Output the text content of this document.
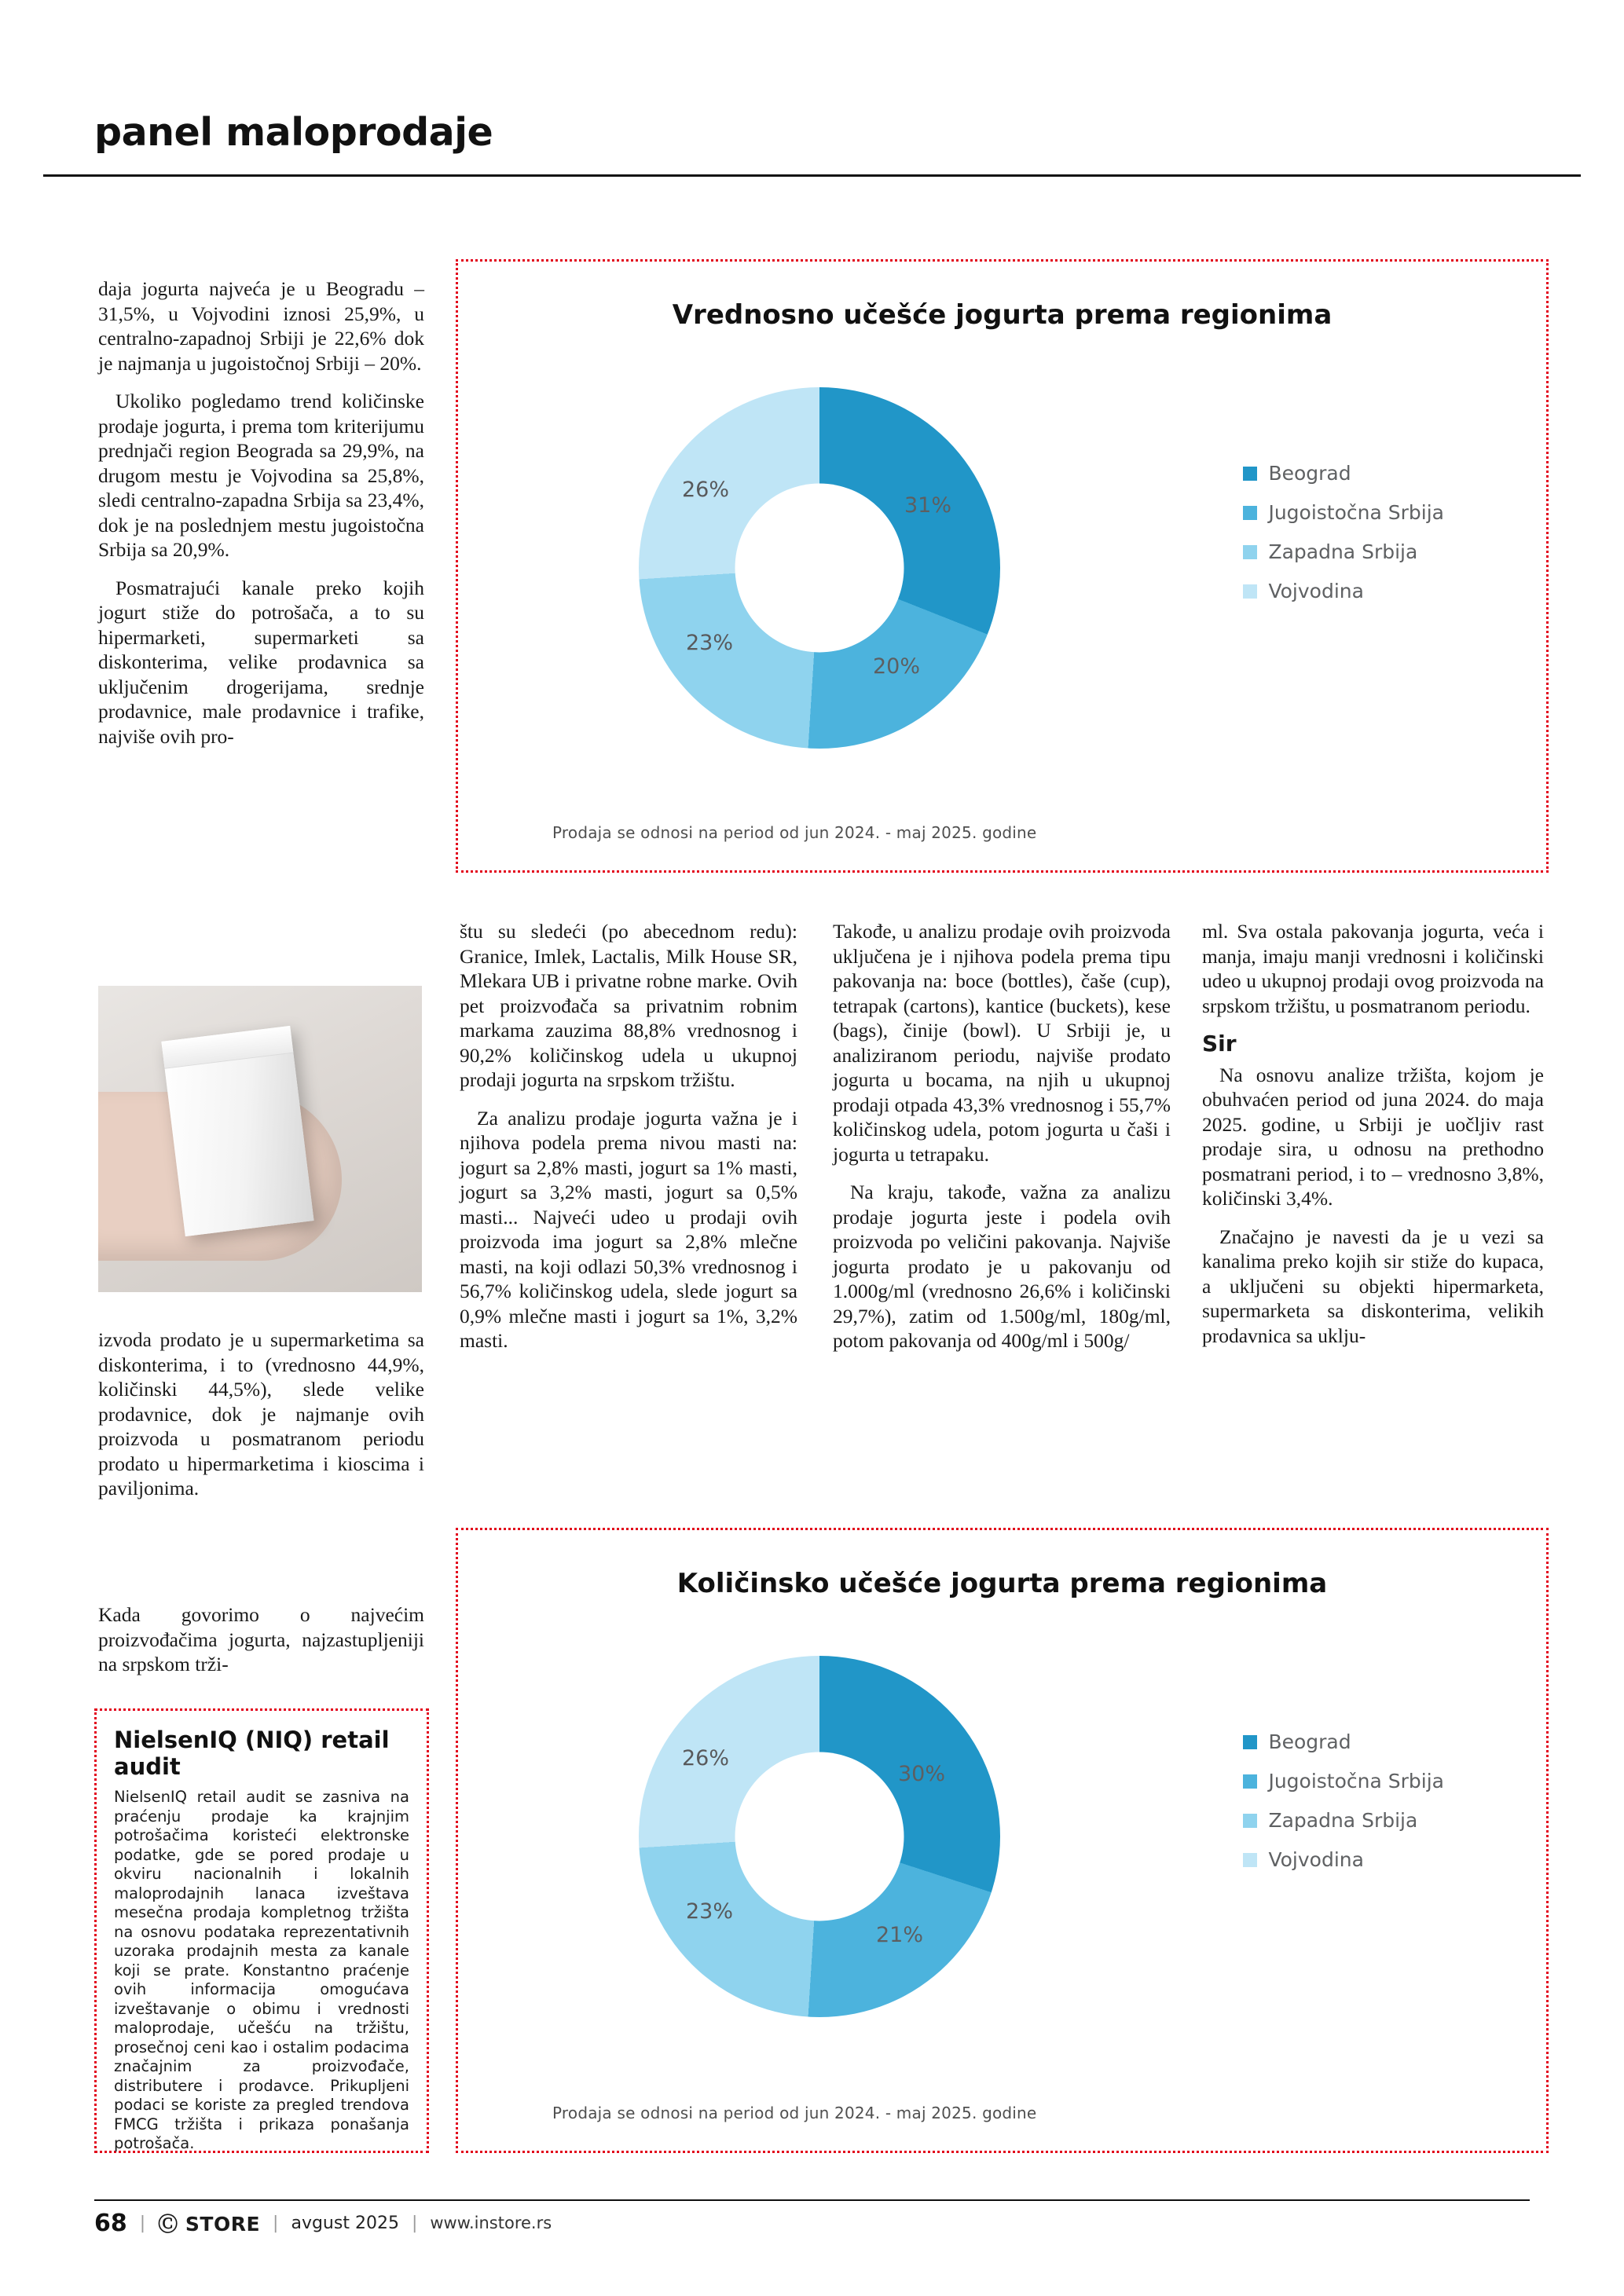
panel maloprodaje

daja jogurta najveća je u Beogradu – 31,5%, u Vojvodini iznosi 25,9%, u centralno-zapadnoj Srbiji je 22,6% dok je najmanja u jugoistočnoj Srbiji – 20%.

Ukoliko pogledamo trend količinske prodaje jogurta, i prema tom kriterijumu prednjači region Beograda sa 29,9%, na drugom mestu je Vojvodina sa 25,8%, sledi centralno-zapadna Srbija sa 23,4%, dok je na poslednjem mestu jugoistočna Srbija sa 20,9%.

Posmatrajući kanale preko kojih jogurt stiže do potrošača, a to su hipermarketi, supermarketi sa diskonterima, velike prodavnica sa uključenim drogerijama, srednje prodavnice, male prodavnice i trafike, najviše ovih pro-

izvoda prodato je u supermarketima sa diskonterima, i to (vrednosno 44,9%, količinski 44,5%), slede velike prodavnice, dok je najmanje ovih proizvoda u posmatranom periodu prodato u hipermarketima i kioscima i paviljonima.

Kada govorimo o najvećim proizvođačima jogurta, najzastupljeniji na srpskom trži-

NielsenIQ (NIQ) retail audit
NielsenIQ retail audit se zasniva na praćenju prodaje ka krajnjim potrošačima koristeći elektronske podatke, gde se pored prodaje u okviru nacionalnih i lokalnih maloprodajnih lanaca izveštava mesečna prodaja kompletnog tržišta na osnovu podataka reprezentativnih uzoraka prodajnih mesta za kanale koji se prate. Konstantno praćenje ovih informacija omogućava izveštavanje o obimu i vrednosti maloprodaje, učešću na tržištu, prosečnoj ceni kao i ostalim podacima značajnim za proizvođače, distributere i prodavce. Prikupljeni podaci se koriste za pregled trendova FMCG tržišta i prikaza ponašanja potrošača.
Vrednosno učešće jogurta prema regionima
31%
20%
23%
26%
Beograd
Jugoistočna Srbija
Zapadna Srbija
Vojvodina
Prodaja se odnosi na period od jun 2024. - maj 2025. godine

štu su sledeći (po abecednom redu): Granice, Imlek, Lactalis, Milk House SR, Mlekara UB i privatne robne marke. Ovih pet proizvođača sa privatnim robnim markama zauzima 88,8% vrednosnog i 90,2% količinskog udela u ukupnoj prodaji jogurta na srpskom tržištu.

Za analizu prodaje jogurta važna je i njihova podela prema nivou masti na: jogurt sa 2,8% masti, jogurt sa 1% masti, jogurt sa 3,2% masti, jogurt sa 0,5% masti... Najveći udeo u prodaji ovih proizvoda ima jogurt sa 2,8% mlečne masti, na koji odlazi 50,3% vrednosnog i 56,7% količinskog udela, slede jogurt sa 0,9% mlečne masti i jogurt sa 1%, 3,2% masti.

Takođe, u analizu prodaje ovih proizvoda uključena je i njihova podela prema tipu pakovanja na: boce (bottles), čaše (cup), tetrapak (cartons), kantice (buckets), kese (bags), činije (bowl). U Srbiji je, u analiziranom periodu, najviše prodato jogurta u bocama, na njih u ukupnoj prodaji otpada 43,3% vrednosnog i 55,7% količinskog udela, potom jogurta u čaši i jogurta u tetrapaku.

Na kraju, takođe, važna za analizu prodaje jogurta jeste i podela ovih proizvoda po veličini pakovanja. Najviše jogurta prodato je u pakovanju od 1.000g/ml (vrednosno 26,6% i količinski 29,7%), zatim od 1.500g/ml, 180g/ml, potom pakovanja od 400g/ml i 500g/

ml. Sva ostala pakovanja jogurta, veća i manja, imaju manji vrednosni i količinski udeo u ukupnoj prodaji ovog proizvoda na srpskom tržištu, u posmatranom periodu.

Sir

Na osnovu analize tržišta, kojom je obuhvaćen period od juna 2024. do maja 2025. godine, u Srbiji je uočljiv rast prodaje sira, u odnosu na prethodno posmatrani period, i to – vrednosno 3,8%, količinski 3,4%.

Značajno je navesti da je u vezi sa kanalima preko kojih sir stiže do kupaca, a uključeni su objekti hipermarketa, supermarketa sa diskonterima, velikih prodavnica sa uklju-

Količinsko učešće jogurta prema regionima
30%
21%
23%
26%
Beograd
Jugoistočna Srbija
Zapadna Srbija
Vojvodina
Prodaja se odnosi na period od jun 2024. - maj 2025. godine
68 | Ⓒ STORE | avgust 2025 | www.instore.rs
